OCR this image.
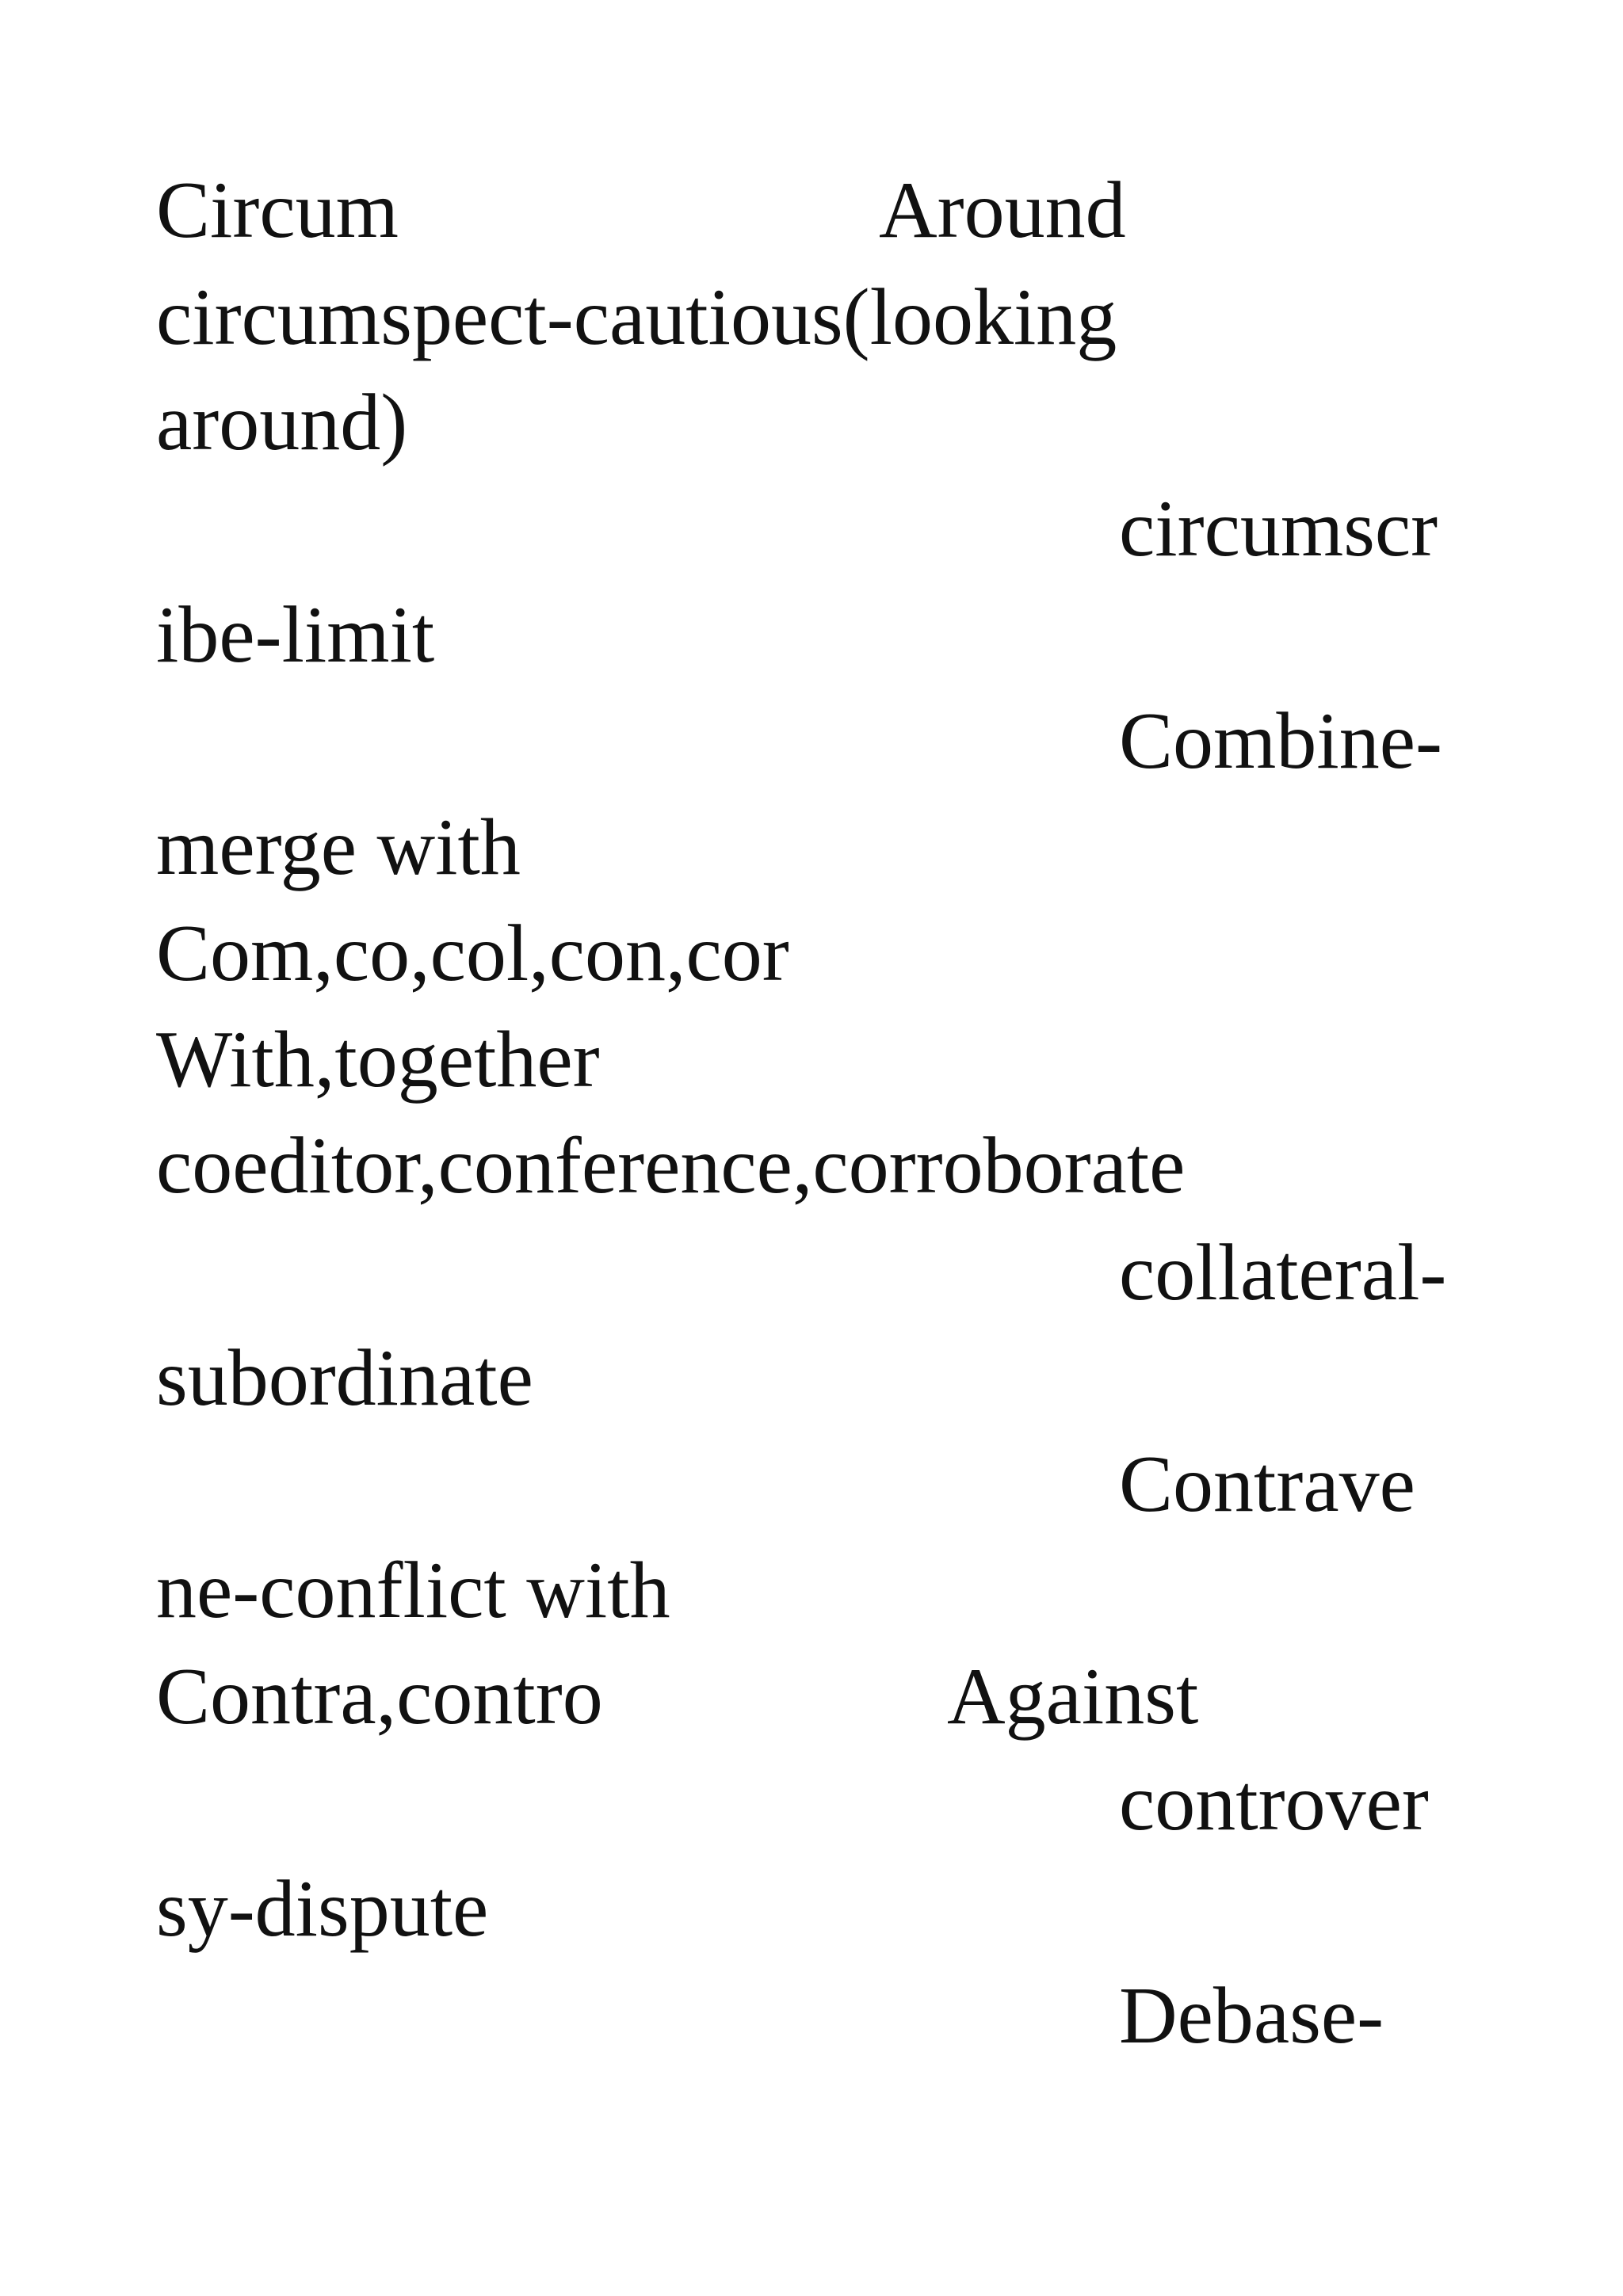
Circum	Around

circumspect-cautious(looking

around)

circumscr

ibe-limit

Combine-

merge with

Com,co,col,con,cor

With,together

coeditor,conference,corroborate

collateral-

subordinate

Contrave

ne-conflict with

Contra,contro	Against

controver

sy-dispute

Debase-
